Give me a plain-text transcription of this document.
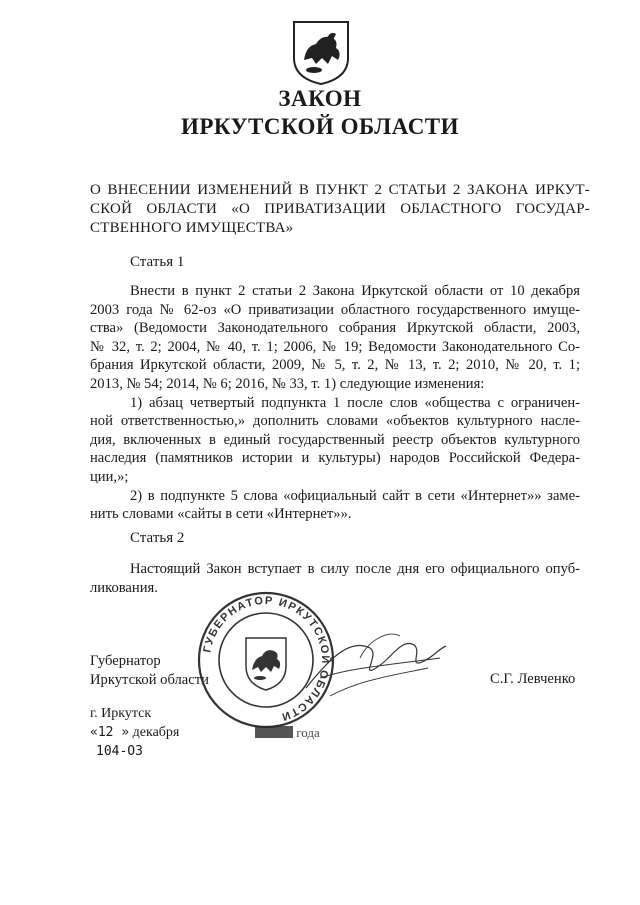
ЗАКОН
ИРКУТСКОЙ ОБЛАСТИ
О ВНЕСЕНИИ ИЗМЕНЕНИЙ В ПУНКТ 2 СТАТЬИ 2 ЗАКОНА ИРКУТ-
СКОЙ ОБЛАСТИ «О ПРИВАТИЗАЦИИ ОБЛАСТНОГО ГОСУДАР-
СТВЕННОГО ИМУЩЕСТВА»
Статья 1
Внести в пункт 2 статьи 2 Закона Иркутской области от 10 декабря
2003 года № 62-оз «О приватизации областного государственного имуще-
ства» (Ведомости Законодательного собрания Иркутской области, 2003,
№ 32, т. 2; 2004, № 40, т. 1; 2006, № 19; Ведомости Законодательного Со-
брания Иркутской области, 2009, № 5, т. 2, № 13, т. 2; 2010, № 20, т. 1;
2013, № 54; 2014, № 6; 2016, № 33, т. 1) следующие изменения:
1) абзац четвертый подпункта 1 после слов «общества с ограничен-
ной ответственностью,» дополнить словами «объектов культурного насле-
дия, включенных в единый государственный реестр объектов культурного
наследия (памятников истории и культуры) народов Российской Федера-
ции,»;
2) в подпункте 5 слова «официальный сайт в сети «Интернет»» заме-
нить словами «сайты в сети «Интернет»».
Статья 2
Настоящий Закон вступает в силу после дня его официального опуб-
ликования.
Губернатор
Иркутской области	С.Г. Левченко
г. Иркутск
«12 » декабря
104-ОЗ
ГУБЕРНАТОР ИРКУТСКОЙ ОБЛАСТИ
года
